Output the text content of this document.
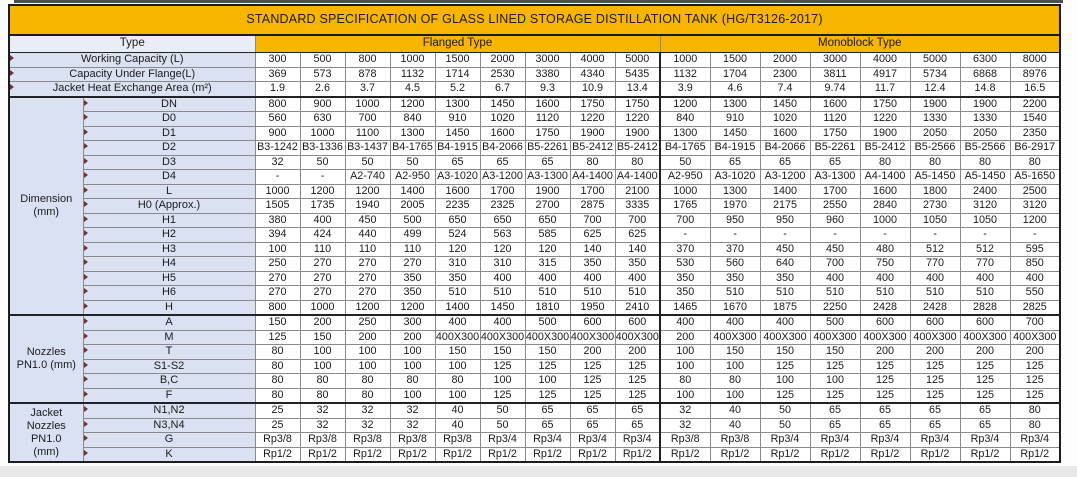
STANDARD SPECIFICATION OF GLASS LINED STORAGE DISTILLATION TANK (HG/T3126-2017)																		
Type		Flanged Type									Monoblock Type							
Working Capacity (L)		300	500	800	1000	1500	2000	3000	4000	5000	1000	1500	2000	3000	4000	5000	6300	8000
Capacity Under Flange(L)		369	573	878	1132	1714	2530	3380	4340	5435	1132	1704	2300	3811	4917	5734	6868	8976
Jacket Heat Exchange Area (m²)		1.9	2.6	3.7	4.5	5.2	6.7	9.3	10.9	13.4	3.9	4.6	7.4	9.74	11.7	12.4	14.8	16.5

Dimension
(mm)	DN	800	900	1000	1200	1300	1450	1600	1750	1750	1200	1300	1450	1600	1750	1900	1900	2200
	D0	560	630	700	840	910	1020	1120	1220	1220	840	910	1020	1120	1220	1330	1330	1540
	D1	900	1000	1100	1300	1450	1600	1750	1900	1900	1300	1450	1600	1750	1900	2050	2050	2350
	D2	B3-1242	B3-1336	B3-1437	B4-1765	B4-1915	B4-2066	B5-2261	B5-2412	B5-2412	B4-1765	B4-1915	B4-2066	B5-2261	B5-2412	B5-2566	B5-2566	B6-2917
	D3	32	50	50	50	65	65	65	80	80	50	65	65	65	80	80	80	80
	D4	-	-	A2-740	A2-950	A3-1020	A3-1200	A3-1300	A4-1400	A4-1400	A2-950	A3-1020	A3-1200	A3-1300	A4-1400	A5-1450	A5-1450	A5-1650
	L	1000	1200	1200	1400	1600	1700	1900	1700	2100	1000	1300	1400	1700	1600	1800	2400	2500
	H0 (Approx.)	1505	1735	1940	2005	2235	2325	2700	2875	3335	1765	1970	2175	2550	2840	2730	3120	3120
	H1	380	400	450	500	650	650	650	700	700	700	950	950	960	1000	1050	1050	1200
	H2	394	424	440	499	524	563	585	625	625	-	-	-	-	-	-	-	-
	H3	100	110	110	110	120	120	120	140	140	370	370	450	450	480	512	512	595
	H4	250	270	270	270	310	310	315	350	350	530	560	640	700	750	770	770	850
	H5	270	270	270	350	350	400	400	400	400	350	350	350	400	400	400	400	400
	H6	270	270	270	350	510	510	510	510	510	350	510	510	510	510	510	510	550
	H	800	1000	1200	1200	1400	1450	1810	1950	2410	1465	1670	1875	2250	2428	2428	2828	2825

Nozzles
PN1.0 (mm)	A	150	200	250	300	400	400	500	600	600	400	400	400	500	600	600	600	700
	M	125	150	200	200	400X300	400X300	400X300	400X300	400X300	200	400X300	400X300	400X300	400X300	400X300	400X300	400X300
	T	80	100	100	100	150	150	150	200	200	100	150	150	150	200	200	200	200
	S1-S2	80	100	100	100	100	125	125	125	125	100	100	125	125	125	125	125	125
	B,C	80	80	80	80	80	100	100	125	125	80	80	100	100	125	125	125	125
	F	80	80	80	100	100	125	125	125	125	100	100	125	125	125	125	125	125

Jacket
Nozzles
PN1.0
(mm)	N1,N2	25	32	32	32	40	50	65	65	65	32	40	50	65	65	65	65	80
	N3,N4	25	32	32	32	40	50	65	65	65	32	40	50	65	65	65	65	80
	G	Rp3/8	Rp3/8	Rp3/8	Rp3/8	Rp3/8	Rp3/4	Rp3/4	Rp3/4	Rp3/4	Rp3/8	Rp3/8	Rp3/4	Rp3/4	Rp3/4	Rp3/4	Rp3/4	Rp3/4
	K	Rp1/2	Rp1/2	Rp1/2	Rp1/2	Rp1/2	Rp1/2	Rp1/2	Rp1/2	Rp1/2	Rp1/2	Rp1/2	Rp1/2	Rp1/2	Rp1/2	Rp1/2	Rp1/2	Rp1/2
